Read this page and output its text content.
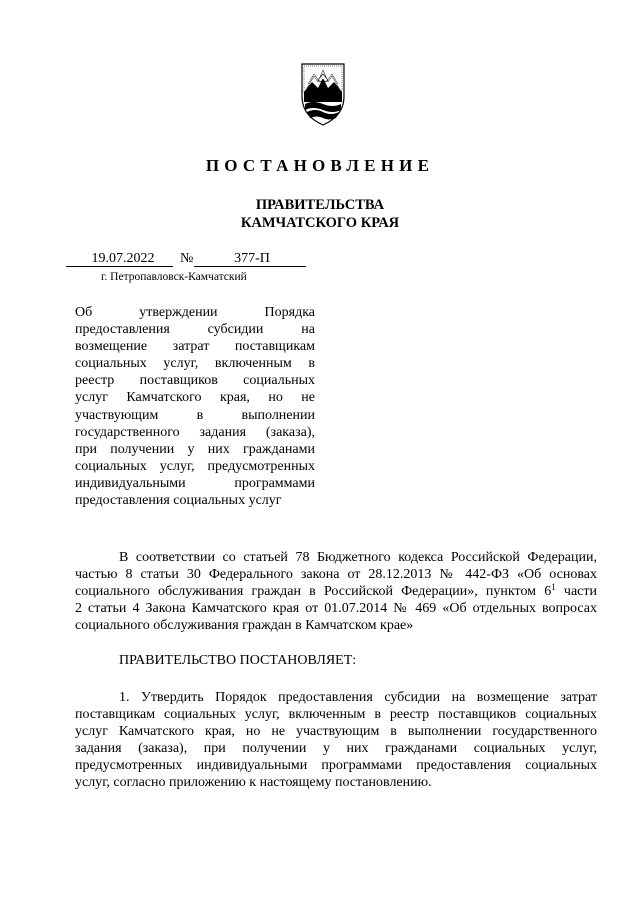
ПОСТАНОВЛЕНИЕ
ПРАВИТЕЛЬСТВА
КАМЧАТСКОГО КРАЯ
19.07.2022	№	377-П
г. Петропавловск-Камчатский
Об утверждении Порядка
предоставления субсидии на
возмещение затрат поставщикам
социальных услуг, включенным в
реестр поставщиков социальных
услуг Камчатского края, но не
участвующим в выполнении
государственного задания (заказа),
при получении у них гражданами
социальных услуг, предусмотренных
индивидуальными программами
предоставления социальных услуг
В соответствии со статьей 78 Бюджетного кодекса Российской Федерации,
частью 8 статьи 30 Федерального закона от 28.12.2013 № 442-ФЗ «Об основах
социального обслуживания граждан в Российской Федерации», пунктом $6^1$ части
2 статьи 4 Закона Камчатского края от 01.07.2014 № 469 «Об отдельных вопросах
социального обслуживания граждан в Камчатском крае»
ПРАВИТЕЛЬСТВО ПОСТАНОВЛЯЕТ:
1. Утвердить Порядок предоставления субсидии на возмещение затрат
поставщикам социальных услуг, включенным в реестр поставщиков социальных
услуг Камчатского края, но не участвующим в выполнении государственного
задания (заказа), при получении у них гражданами социальных услуг,
предусмотренных индивидуальными программами предоставления социальных
услуг, согласно приложению к настоящему постановлению.
